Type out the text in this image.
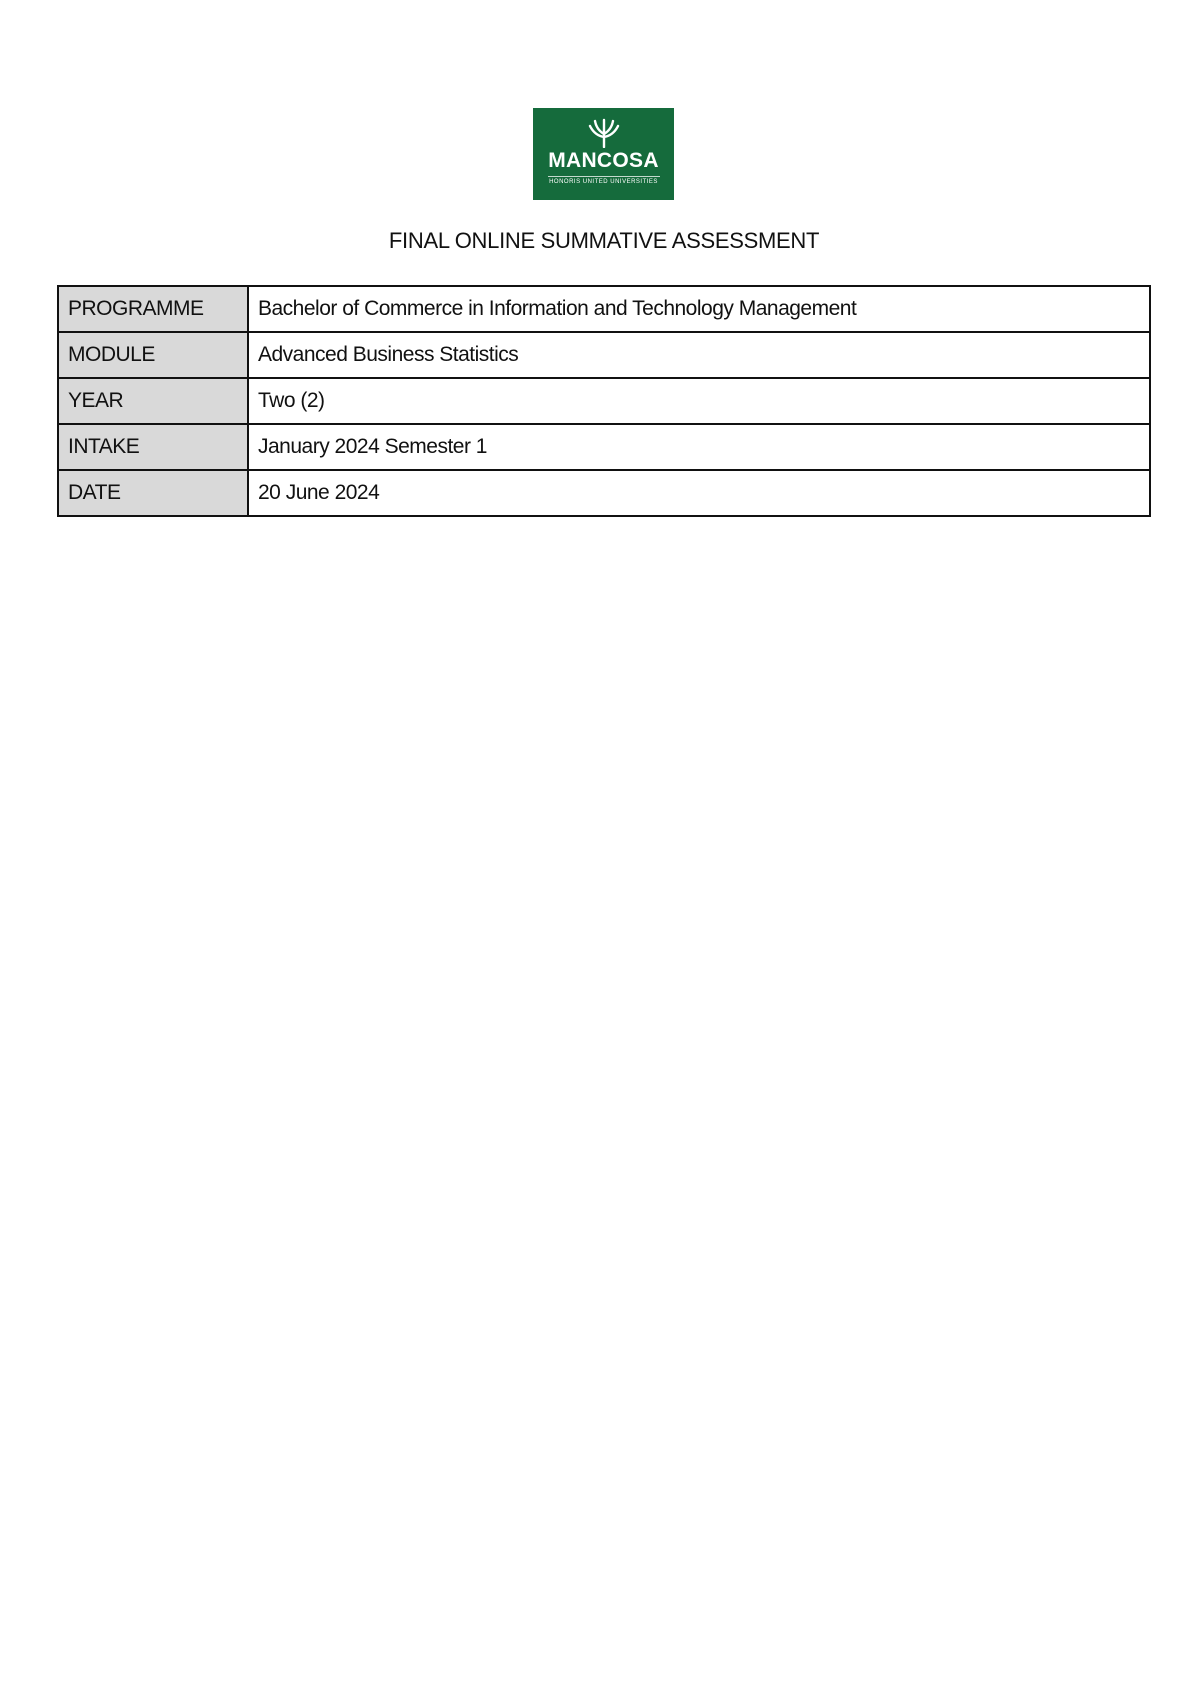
MANCOSA
HONORIS UNITED UNIVERSITIES
FINAL ONLINE SUMMATIVE ASSESSMENT
PROGRAMME	Bachelor of Commerce in Information and Technology Management
MODULE	Advanced Business Statistics
YEAR	Two (2)
INTAKE	January 2024 Semester 1
DATE	20 June 2024
